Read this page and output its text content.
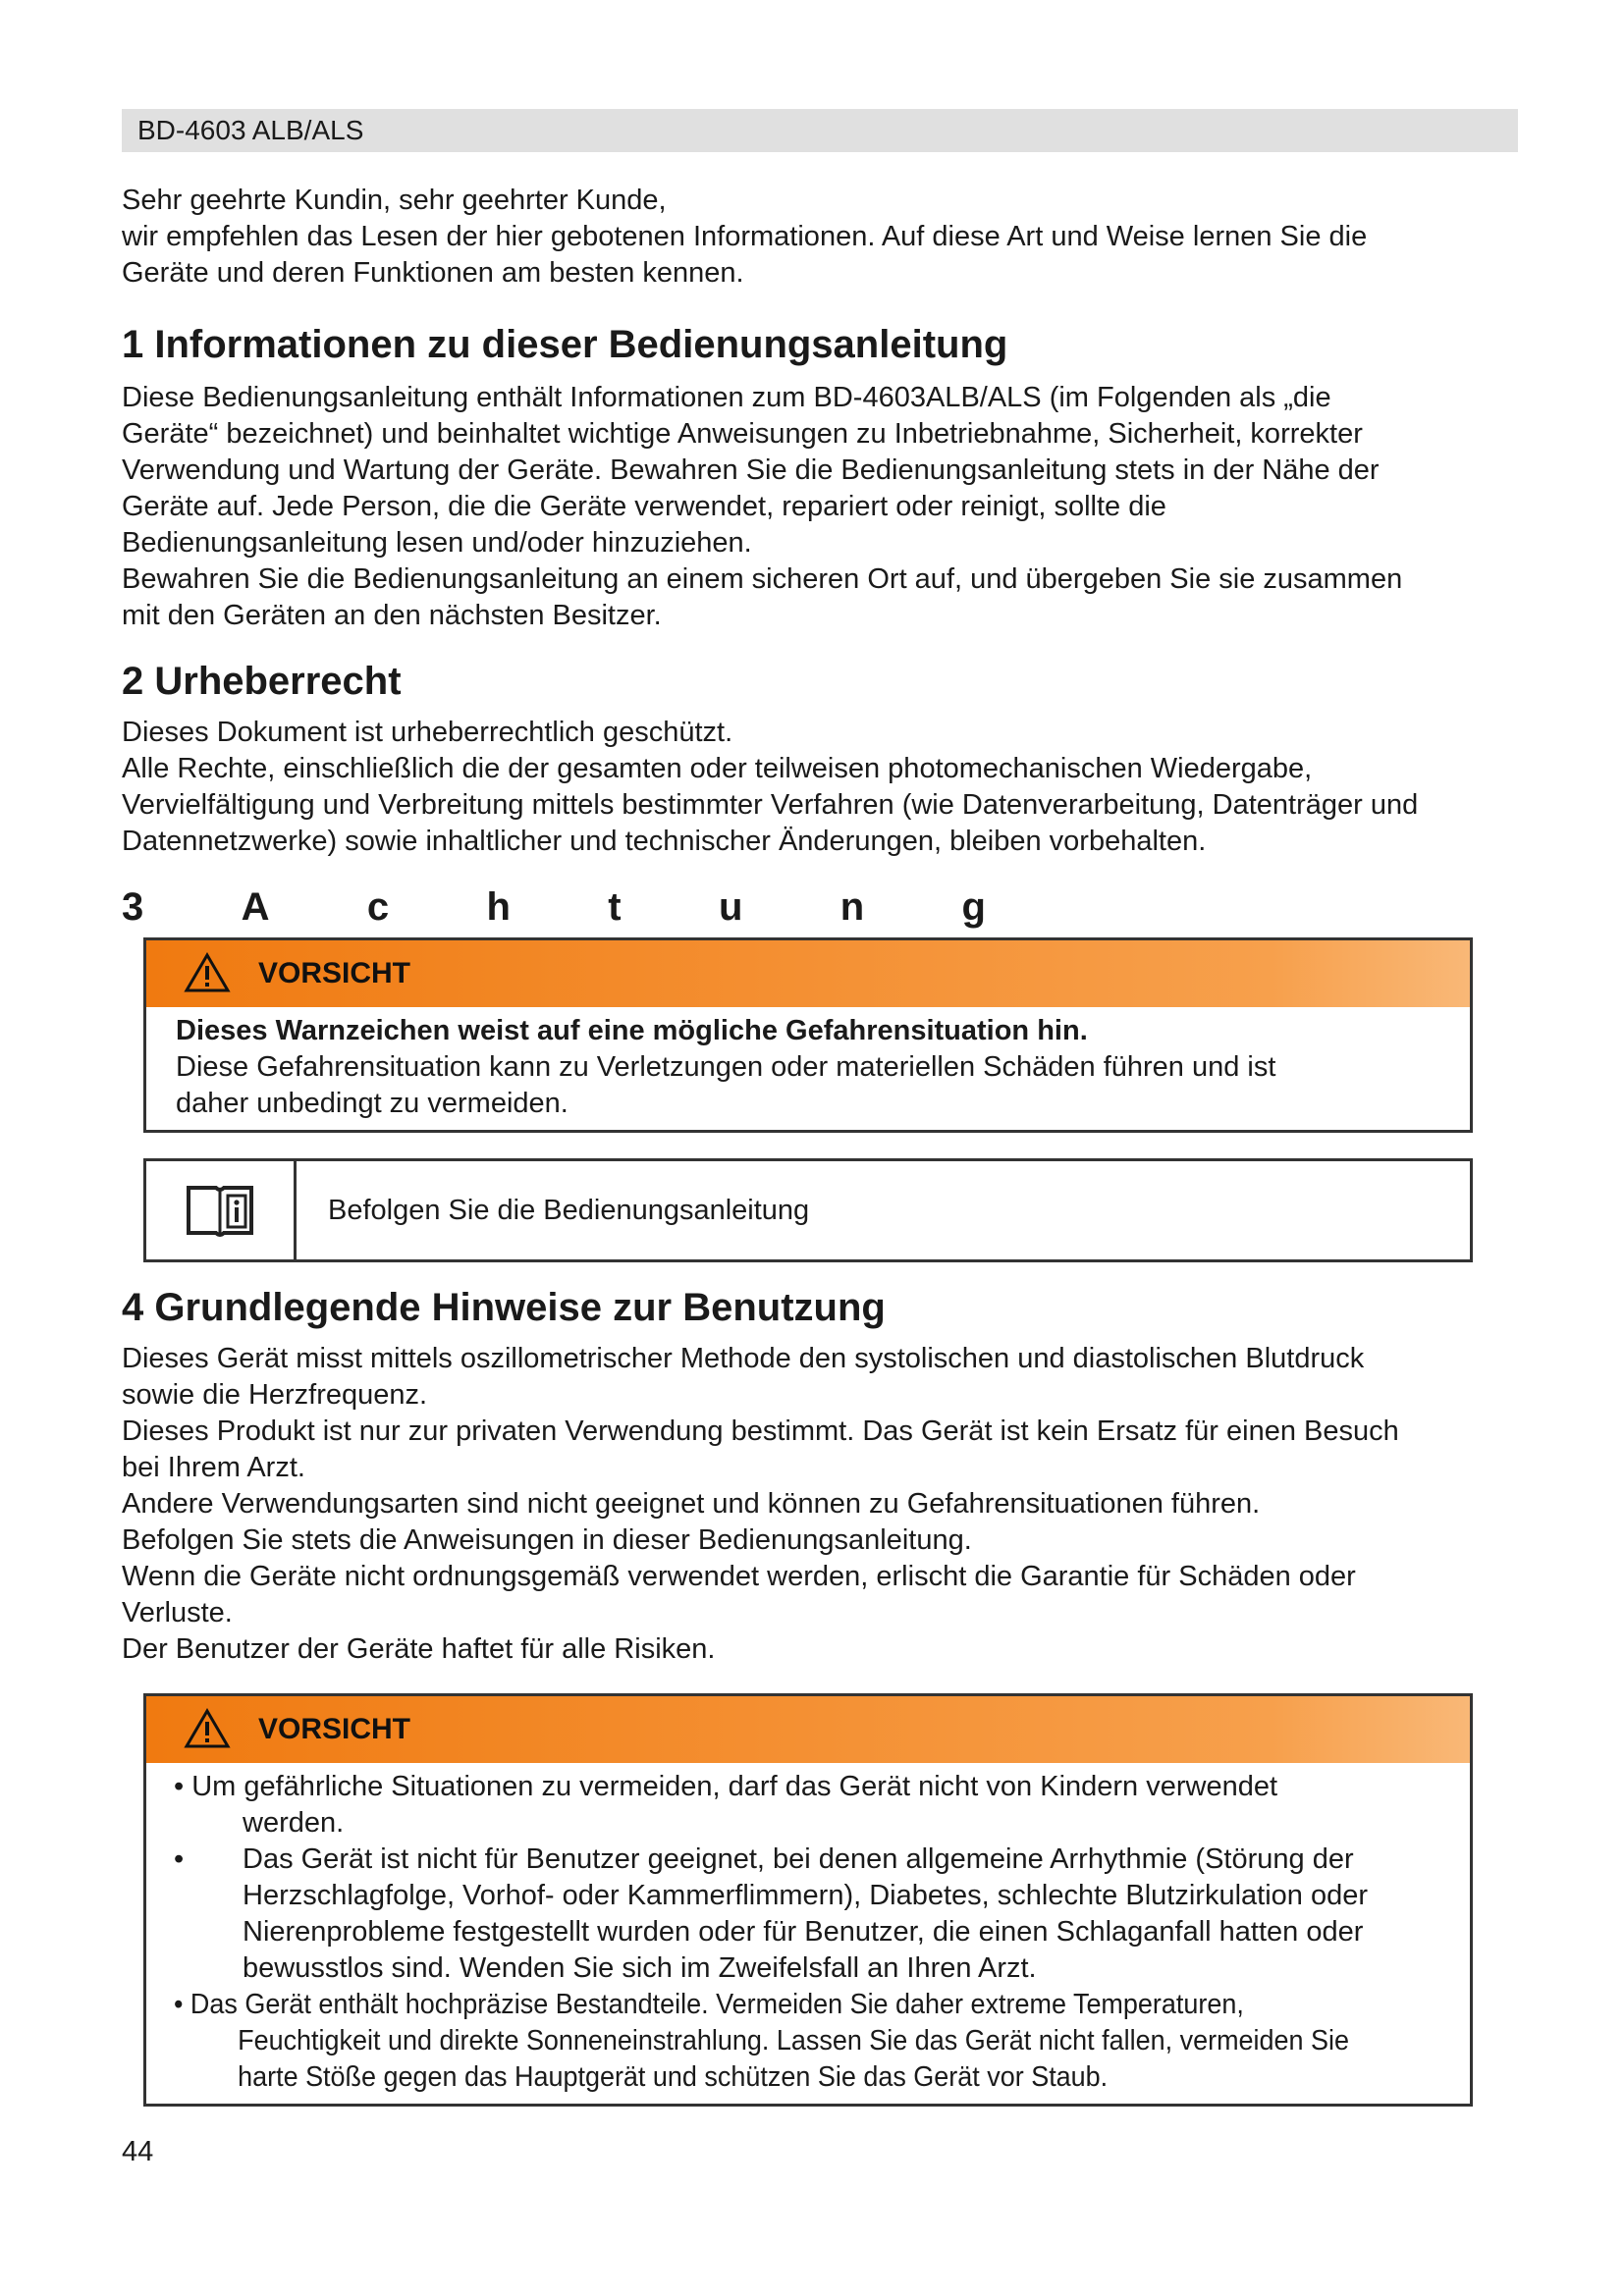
BD-4603 ALB/ALS

Sehr geehrte Kundin, sehr geehrter Kunde,

wir empfehlen das Lesen der hier gebotenen Informationen. Auf diese Art und Weise lernen Sie die

Geräte und deren Funktionen am besten kennen.

1 Informationen zu dieser Bedienungsanleitung

Diese Bedienungsanleitung enthält Informationen zum BD-4603ALB/ALS (im Folgenden als „die

Geräte“ bezeichnet) und beinhaltet wichtige Anweisungen zu Inbetriebnahme, Sicherheit, korrekter

Verwendung und Wartung der Geräte. Bewahren Sie die Bedienungsanleitung stets in der Nähe der

Geräte auf. Jede Person, die die Geräte verwendet, repariert oder reinigt, sollte die

Bedienungsanleitung lesen und/oder hinzuziehen.

Bewahren Sie die Bedienungsanleitung an einem sicheren Ort auf, und übergeben Sie sie zusammen

mit den Geräten an den nächsten Besitzer.

2 Urheberrecht

Dieses Dokument ist urheberrechtlich geschützt.

Alle Rechte, einschließlich die der gesamten oder teilweisen photomechanischen Wiedergabe,

Vervielfältigung und Verbreitung mittels bestimmter Verfahren (wie Datenverarbeitung, Datenträger und

Datennetzwerke) sowie inhaltlicher und technischer Änderungen, bleiben vorbehalten.

3 A c h t u n g
VORSICHT

Dieses Warnzeichen weist auf eine mögliche Gefahrensituation hin.

Diese Gefahrensituation kann zu Verletzungen oder materiellen Schäden führen und ist

daher unbedingt zu vermeiden.

Befolgen Sie die Bedienungsanleitung
4 Grundlegende Hinweise zur Benutzung

Dieses Gerät misst mittels oszillometrischer Methode den systolischen und diastolischen Blutdruck

sowie die Herzfrequenz.

Dieses Produkt ist nur zur privaten Verwendung bestimmt. Das Gerät ist kein Ersatz für einen Besuch

bei Ihrem Arzt.

Andere Verwendungsarten sind nicht geeignet und können zu Gefahrensituationen führen.

Befolgen Sie stets die Anweisungen in dieser Bedienungsanleitung.

Wenn die Geräte nicht ordnungsgemäß verwendet werden, erlischt die Garantie für Schäden oder

Verluste.

Der Benutzer der Geräte haftet für alle Risiken.

VORSICHT

• Um gefährliche Situationen zu vermeiden, darf das Gerät nicht von Kindern verwendet

werden.

•	Das Gerät ist nicht für Benutzer geeignet, bei denen allgemeine Arrhythmie (Störung der

Herzschlagfolge, Vorhof- oder Kammerflimmern), Diabetes, schlechte Blutzirkulation oder

Nierenprobleme festgestellt wurden oder für Benutzer, die einen Schlaganfall hatten oder

bewusstlos sind. Wenden Sie sich im Zweifelsfall an Ihren Arzt.

• Das Gerät enthält hochpräzise Bestandteile. Vermeiden Sie daher extreme Temperaturen,

Feuchtigkeit und direkte Sonneneinstrahlung. Lassen Sie das Gerät nicht fallen, vermeiden Sie

harte Stöße gegen das Hauptgerät und schützen Sie das Gerät vor Staub.

44
